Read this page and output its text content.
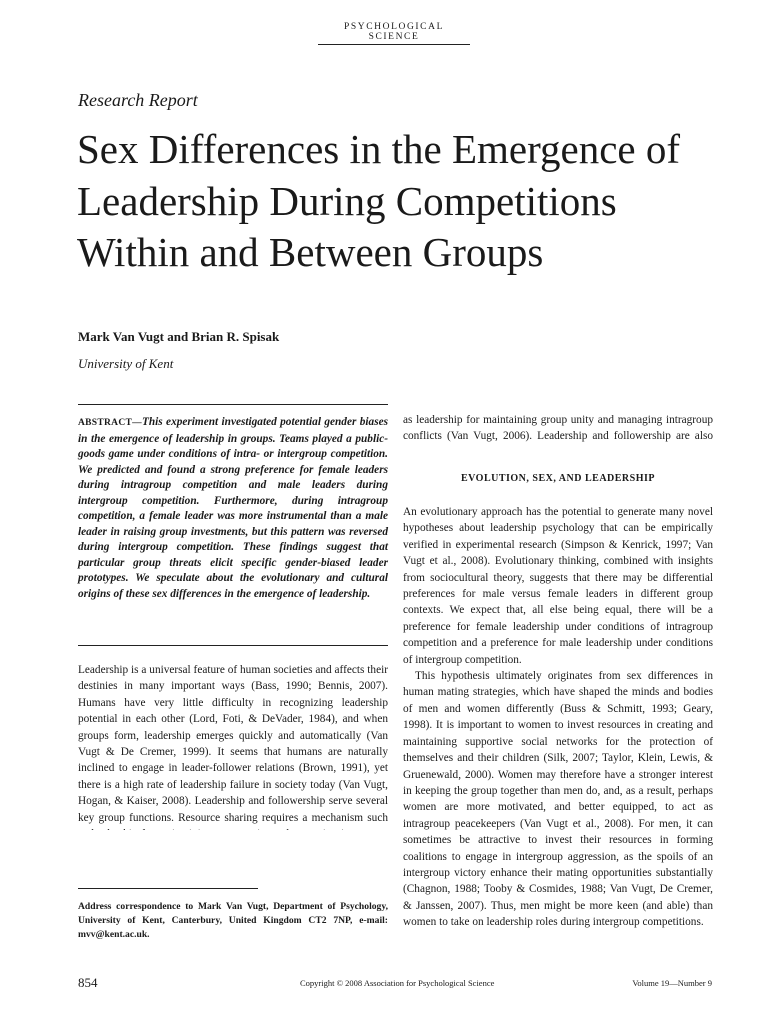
PSYCHOLOGICAL SCIENCE
Research Report
Sex Differences in the Emergence of Leadership During Competitions Within and Between Groups
Mark Van Vugt and Brian R. Spisak
University of Kent

ABSTRACT—This experiment investigated potential gender biases in the emergence of leadership in groups. Teams played a public-goods game under conditions of intra- or intergroup competition. We predicted and found a strong preference for female leaders during intragroup competition and male leaders during intergroup competition. Furthermore, during intragroup competition, a female leader was more instrumental than a male leader in raising group investments, but this pattern was reversed during intergroup competition. These findings suggest that particular group threats elicit specific gender-biased leader prototypes. We speculate about the evolutionary and cultural origins of these sex differences in the emergence of leadership.

Leadership is a universal feature of human societies and affects their destinies in many important ways (Bass, 1990; Bennis, 2007). Humans have very little difficulty in recognizing leadership potential in each other (Lord, Foti, & DeVader, 1984), and when groups form, leadership emerges quickly and automatically (Van Vugt & De Cremer, 1999). It seems that humans are naturally inclined to engage in leader-follower relations (Brown, 1991), yet there is a high rate of leadership failure in society today (Van Vugt, Hogan, & Kaiser, 2008). Leadership and followership serve several key group functions. Resource sharing requires a mechanism such

as leadership for maintaining group unity and managing intragroup conflicts (Van Vugt, 2006). Leadership and followership are also

EVOLUTION, SEX, AND LEADERSHIP

An evolutionary approach has the potential to generate many novel hypotheses about leadership psychology that can be empirically verified in experimental research (Simpson & Kenrick, 1997; Van Vugt et al., 2008). Evolutionary thinking, combined with insights from sociocultural theory, suggests that there may be differential preferences for male versus female leaders in different group contexts. We expect that, all else being equal, there will be a preference for female leadership under conditions of intragroup competition and a preference for male leadership under conditions of intergroup competition.

This hypothesis ultimately originates from sex differences in human mating strategies, which have shaped the minds and bodies of men and women differently (Buss & Schmitt, 1993; Geary, 1998). It is important to women to invest resources in creating and maintaining supportive social networks for the protection of themselves and their children (Silk, 2007; Taylor, Klein, Lewis, & Gruenewald, 2000). Women may therefore have a stronger interest in keeping the group together than men do, and, as a result, perhaps women are more motivated, and better equipped, to act as intragroup peacekeepers (Van Vugt et al., 2008). For men, it can sometimes be attractive to invest their resources in forming coalitions to engage in intergroup aggression, as the spoils of an intergroup victory enhance their mating opportunities substantially (Chagnon, 1988; Tooby & Cosmides, 1988; Van Vugt, De Cremer, & Janssen, 2007). Thus, men might be more keen (and able) than women to take on leadership roles during intergroup competitions.

Address correspondence to Mark Van Vugt, Department of Psychology, University of Kent, Canterbury, United Kingdom CT2 7NP, e-mail: mvv@kent.ac.uk.

854	Copyright © 2008 Association for Psychological Science	Volume 19—Number 9
